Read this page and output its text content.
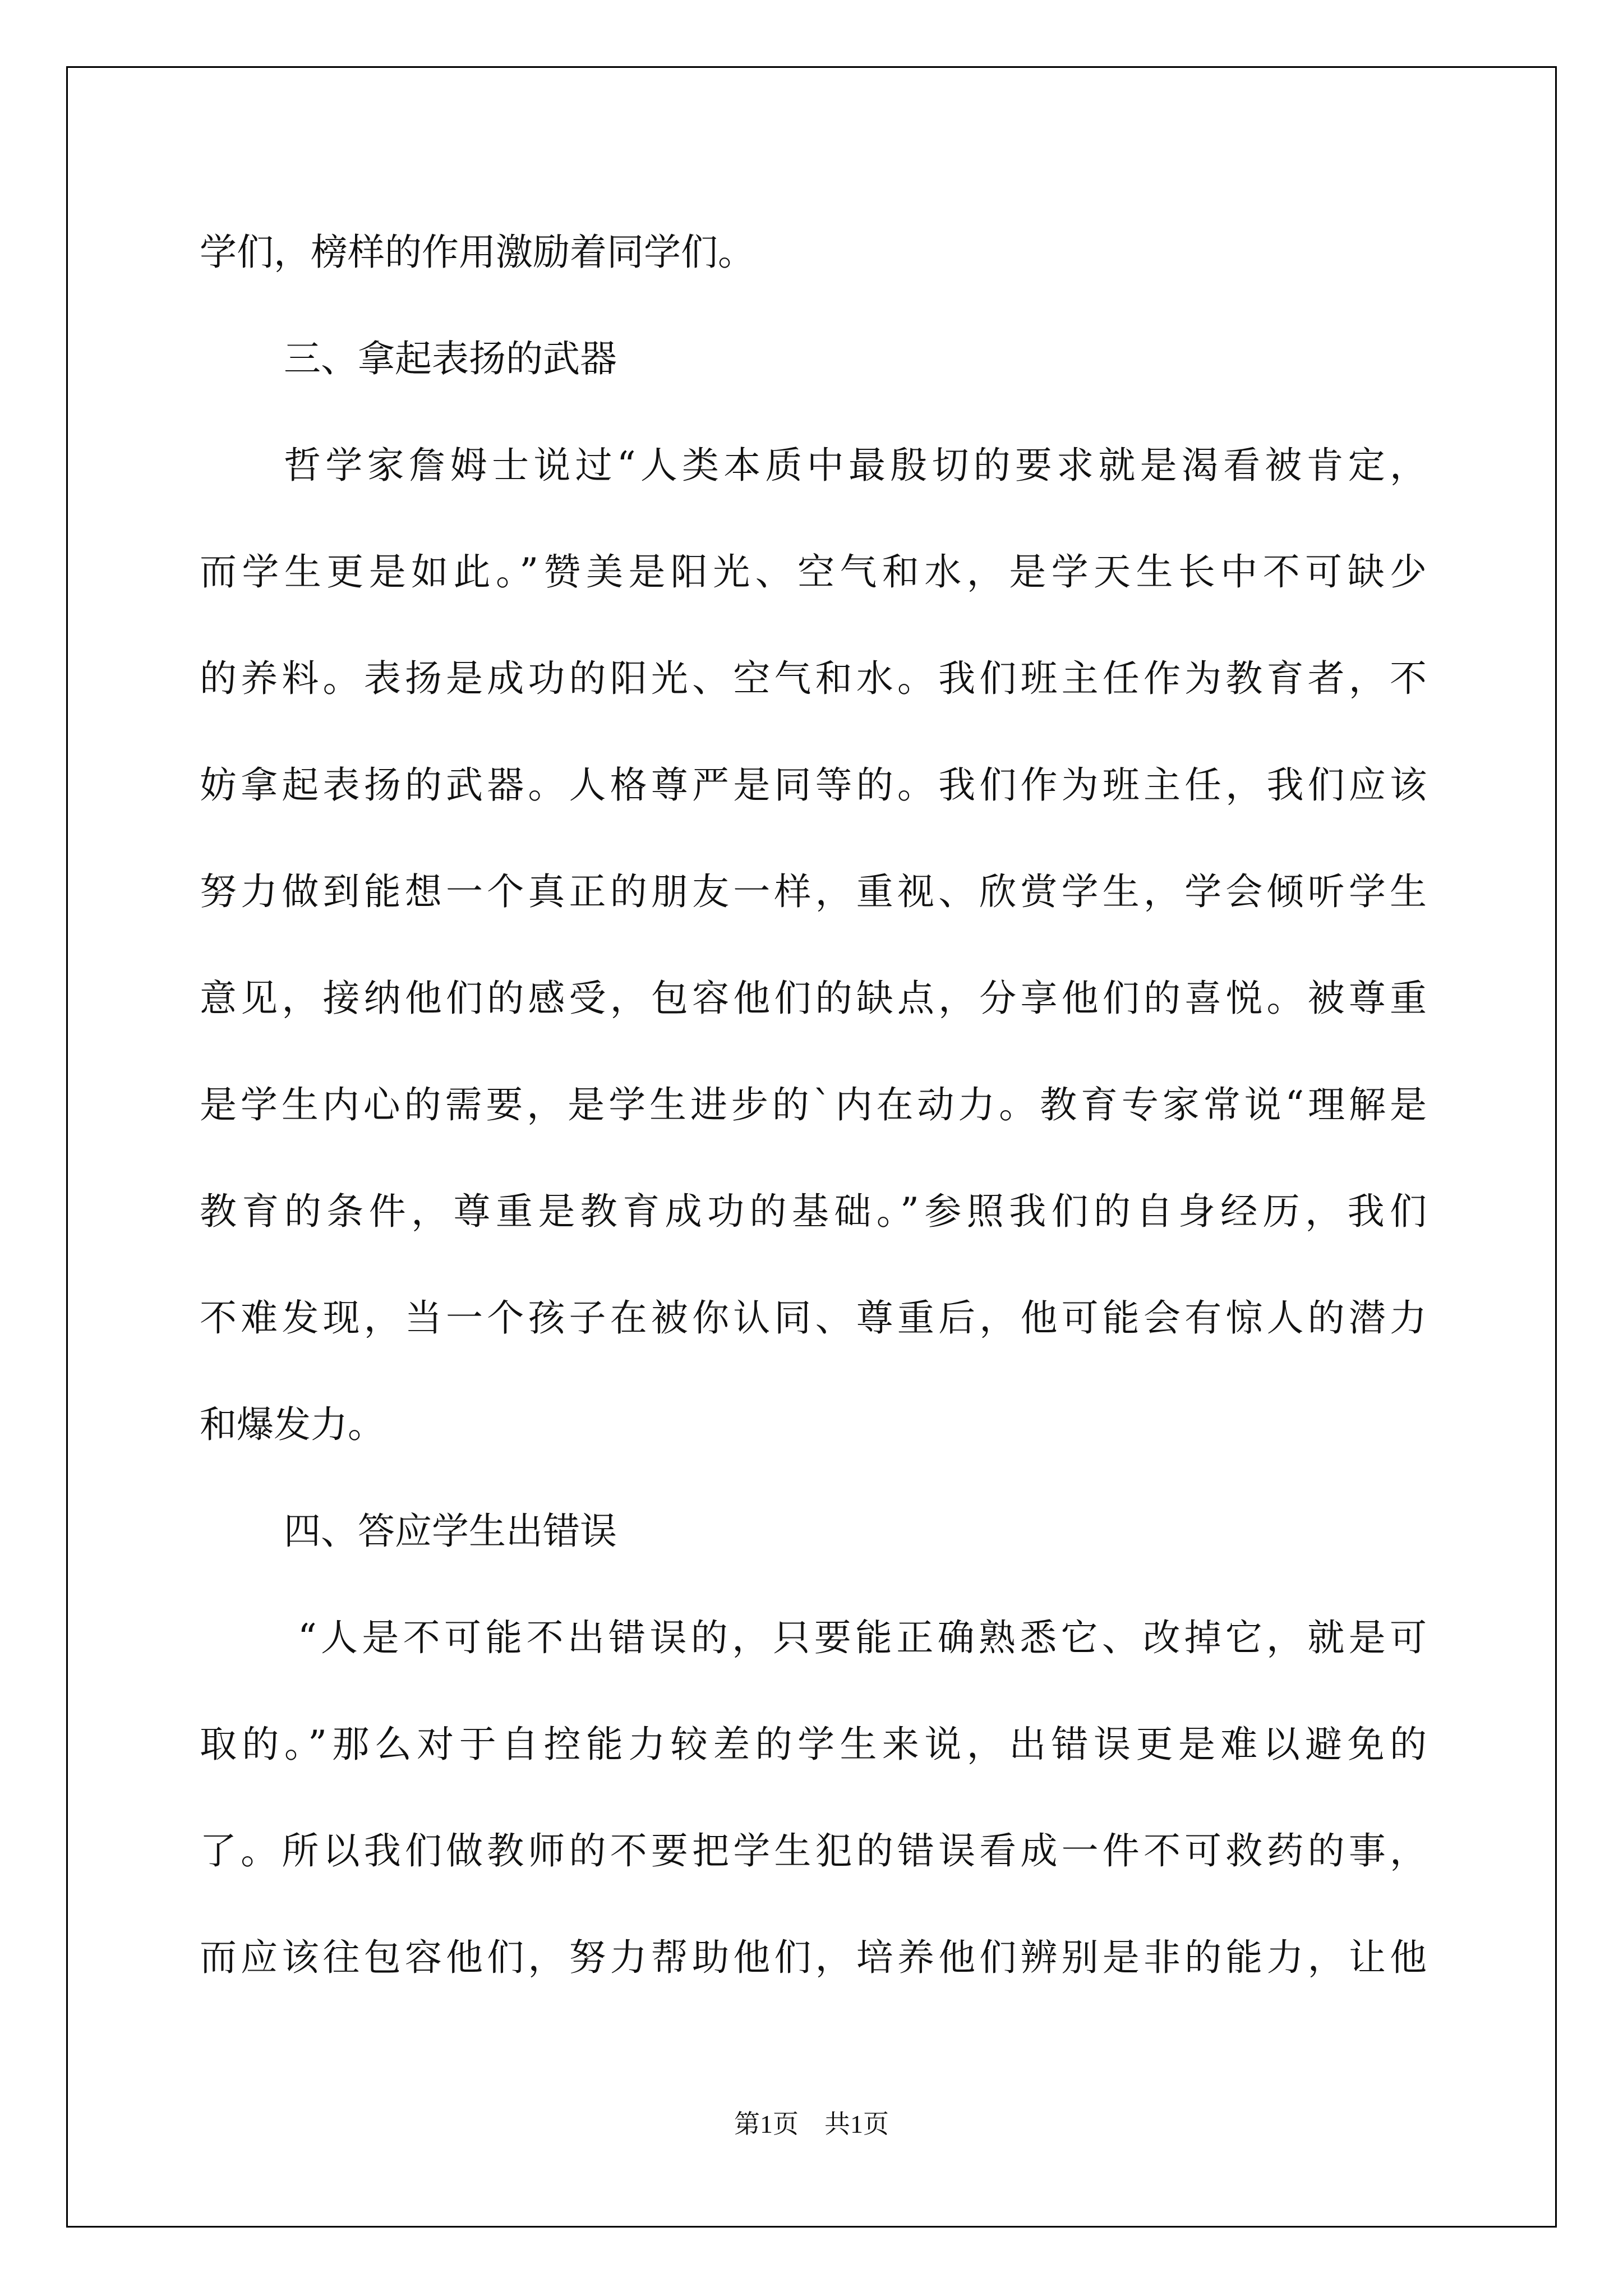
学们，榜样的作用激励着同学们。
三、拿起表扬的武器
哲学家詹姆士说过“人类本质中最殷切的要求就是渴看被肯定，
而学生更是如此。”赞美是阳光、空气和水，是学天生长中不可缺少
的养料。表扬是成功的阳光、空气和水。我们班主任作为教育者，不
妨拿起表扬的武器。人格尊严是同等的。我们作为班主任，我们应该
努力做到能想一个真正的朋友一样，重视、欣赏学生，学会倾听学生
意见，接纳他们的感受，包容他们的缺点，分享他们的喜悦。被尊重
是学生内心的需要，是学生进步的`内在动力。教育专家常说“理解是
教育的条件，尊重是教育成功的基础。”参照我们的自身经历，我们
不难发现，当一个孩子在被你认同、尊重后，他可能会有惊人的潜力
和爆发力。
四、答应学生出错误
“人是不可能不出错误的，只要能正确熟悉它、改掉它，就是可
取的。”那么对于自控能力较差的学生来说，出错误更是难以避免的
了。所以我们做教师的不要把学生犯的错误看成一件不可救药的事，
而应该往包容他们，努力帮助他们，培养他们辨别是非的能力，让他
第1页　共1页
